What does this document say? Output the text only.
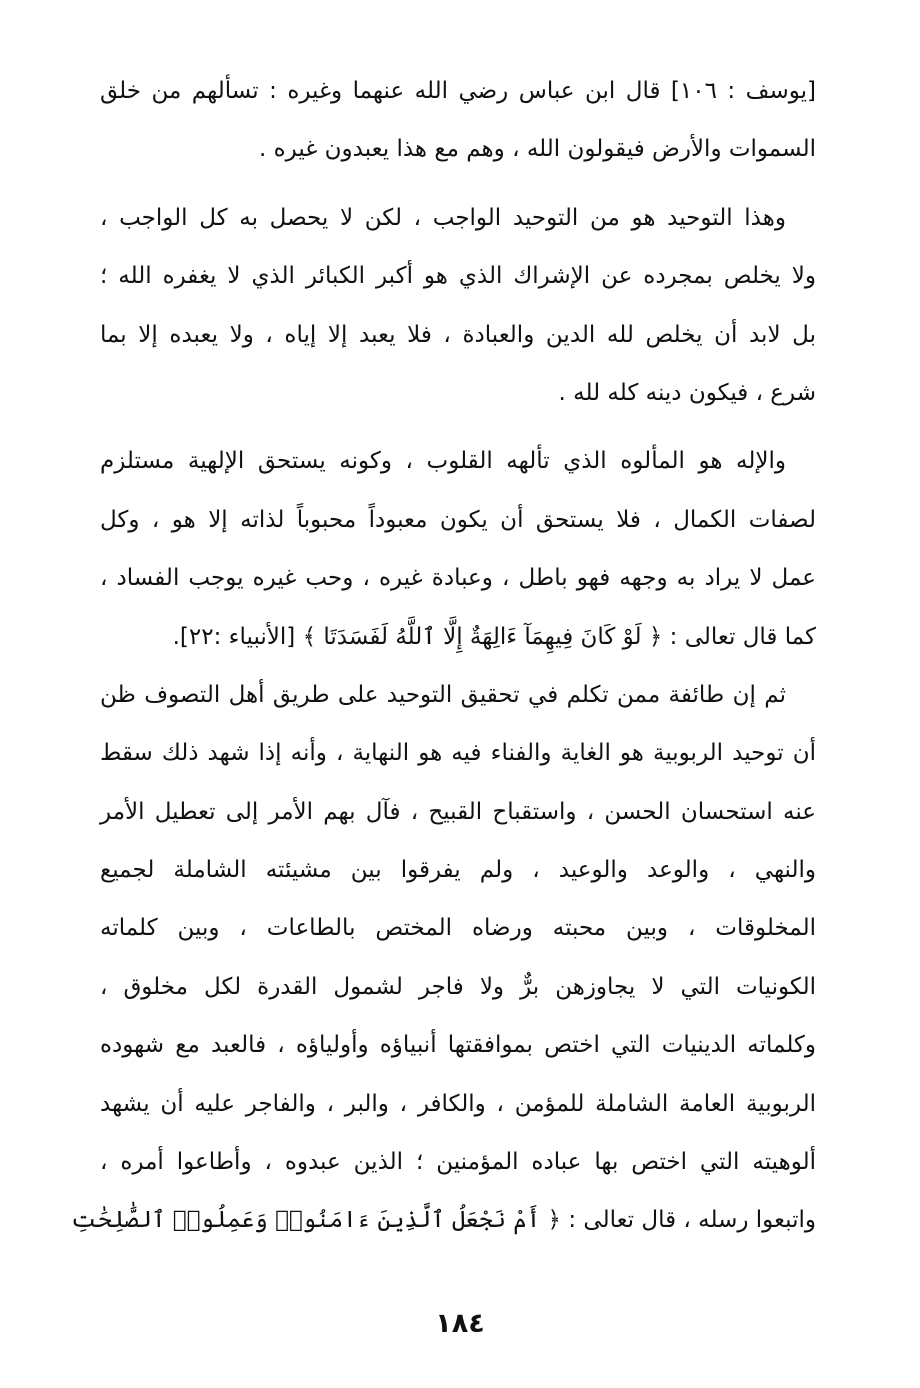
[يوسف : ١٠٦] قال ابن عباس رضي الله عنهما وغيره : تسألهم من خلق
السموات والأرض فيقولون الله ، وهم مع هذا يعبدون غيره .
وهذا التوحيد هو من التوحيد الواجب ، لكن لا يحصل به كل الواجب ،
ولا يخلص بمجرده عن الإشراك الذي هو أكبر الكبائر الذي لا يغفره الله ؛
بل لابد أن يخلص لله الدين والعبادة ، فلا يعبد إلا إياه ، ولا يعبده إلا بما
شرع ، فيكون دينه كله لله .
والإله هو المألوه الذي تألهه القلوب ، وكونه يستحق الإلهية مستلزم
لصفات الكمال ، فلا يستحق أن يكون معبوداً محبوباً لذاته إلا هو ، وكل
عمل لا يراد به وجهه فهو باطل ، وعبادة غيره ، وحب غيره يوجب الفساد ،
كما قال تعالى : ﴿ لَوْ كَانَ فِيهِمَآ ءَالِهَةٌ إِلَّا ٱللَّهُ لَفَسَدَتَا ﴾ [الأنبياء :٢٢].
ثم إن طائفة ممن تكلم في تحقيق التوحيد على طريق أهل التصوف ظن
أن توحيد الربوبية هو الغاية والفناء فيه هو النهاية ، وأنه إذا شهد ذلك سقط
عنه استحسان الحسن ، واستقباح القبيح ، فآل بهم الأمر إلى تعطيل الأمر
والنهي ، والوعد والوعيد ، ولم يفرقوا بين مشيئته الشاملة لجميع
المخلوقات ، وبين محبته ورضاه المختص بالطاعات ، وبين كلماته
الكونيات التي لا يجاوزهن برٌّ ولا فاجر لشمول القدرة لكل مخلوق ،
وكلماته الدينيات التي اختص بموافقتها أنبياؤه وأولياؤه ، فالعبد مع شهوده
الربوبية العامة الشاملة للمؤمن ، والكافر ، والبر ، والفاجر عليه أن يشهد
ألوهيته التي اختص بها عباده المؤمنين ؛ الذين عبدوه ، وأطاعوا أمره ،
واتبعوا رسله ، قال تعالى : ﴿ أَمْ نَجْعَلُ ٱلَّذِينَ ءَامَنُوا۟ وَعَمِلُوا۟ ٱلصَّٰلِحَٰتِ
١٨٤
